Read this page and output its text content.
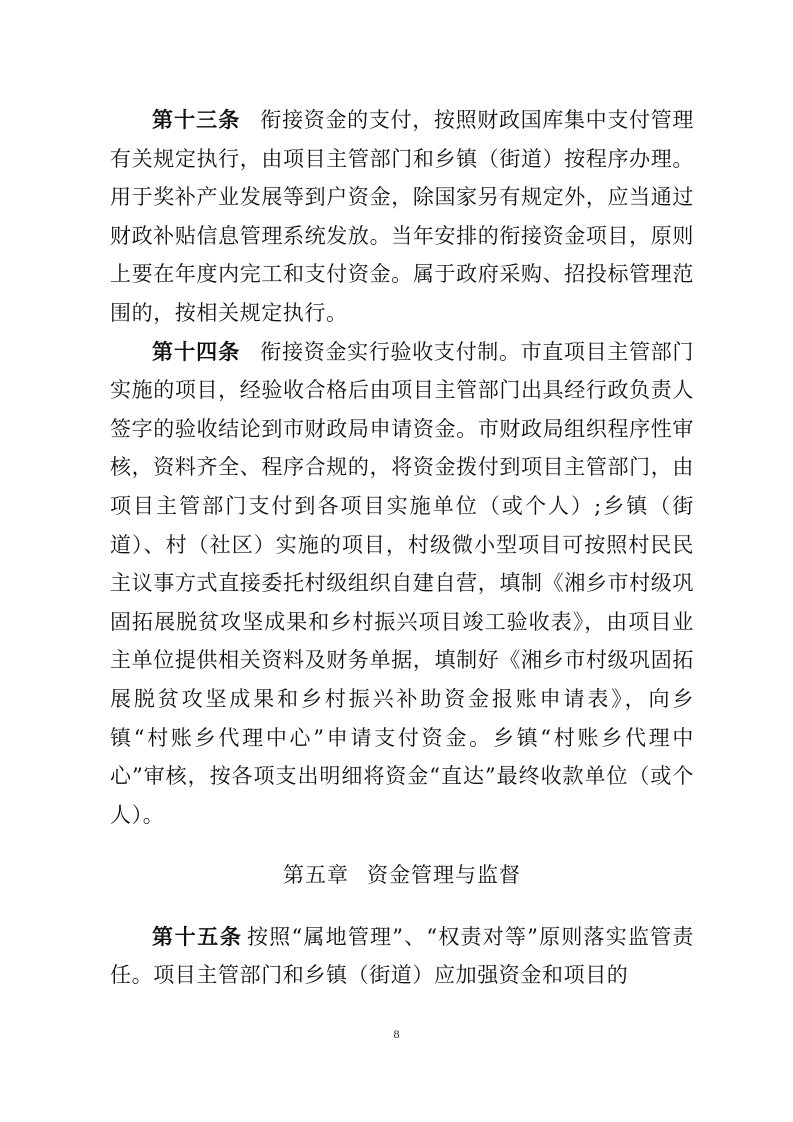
第十三条 衔接资金的支付，按照财政国库集中支付管理有关规定执行，由项目主管部门和乡镇（街道）按程序办理。用于奖补产业发展等到户资金，除国家另有规定外，应当通过财政补贴信息管理系统发放。当年安排的衔接资金项目，原则上要在年度内完工和支付资金。属于政府采购、招投标管理范围的，按相关规定执行。

第十四条 衔接资金实行验收支付制。市直项目主管部门实施的项目，经验收合格后由项目主管部门出具经行政负责人签字的验收结论到市财政局申请资金。市财政局组织程序性审核，资料齐全、程序合规的，将资金拨付到项目主管部门，由项目主管部门支付到各项目实施单位（或个人）;乡镇（街道）、村（社区）实施的项目，村级微小型项目可按照村民民主议事方式直接委托村级组织自建自营，填制《湘乡市村级巩固拓展脱贫攻坚成果和乡村振兴项目竣工验收表》，由项目业主单位提供相关资料及财务单据，填制好《湘乡市村级巩固拓展脱贫攻坚成果和乡村振兴补助资金报账申请表》，向乡镇“村账乡代理中心”申请支付资金。乡镇“村账乡代理中心”审核，按各项支出明细将资金“直达”最终收款单位（或个人）。

第五章 资金管理与监督

第十五条 按照“属地管理”、“权责对等”原则落实监管责任。项目主管部门和乡镇（街道）应加强资金和项目的

8
